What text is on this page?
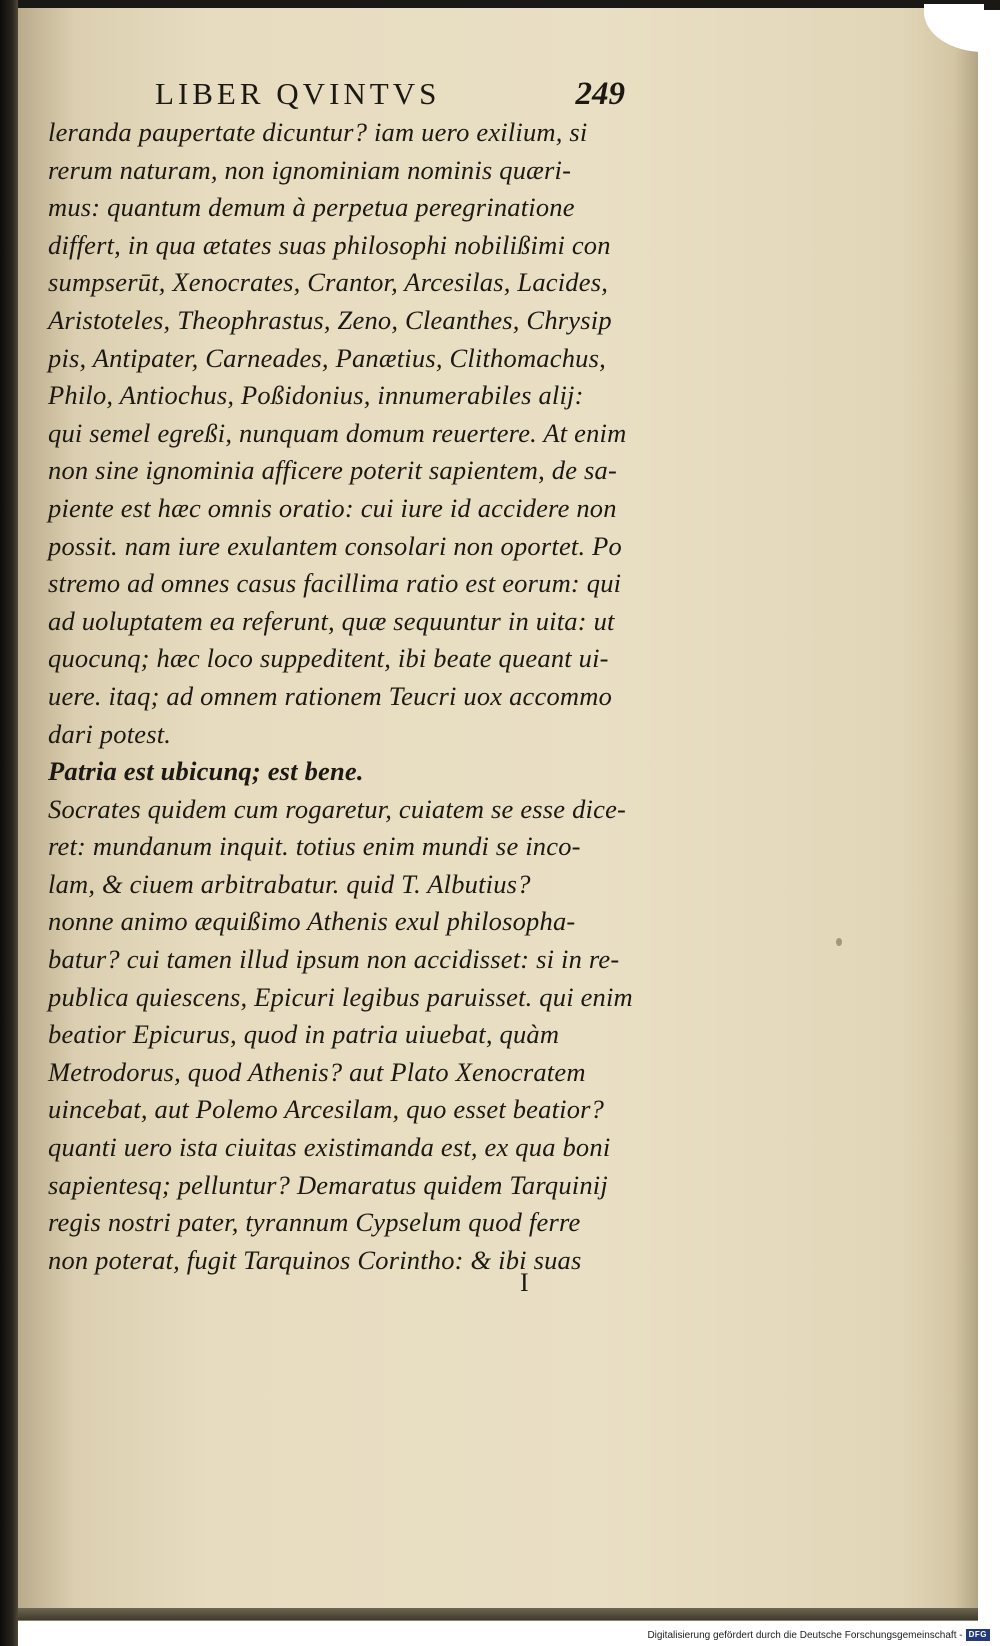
LIBER QVINTVS	249
leranda paupertate dicuntur? iam uero exilium, si
rerum naturam, non ignominiam nominis quæri-
mus: quantum demum à perpetua peregrinatione
differt, in qua ætates suas philosophi nobilißimi con
sumpserūt, Xenocrates, Crantor, Arcesilas, Lacides,
Aristoteles, Theophrastus, Zeno, Cleanthes, Chrysip
pis, Antipater, Carneades, Panætius, Clithomachus,
Philo, Antiochus, Poßidonius, innumerabiles alij:
qui semel egreßi, nunquam domum reuertere. At enim
non sine ignominia afficere poterit sapientem, de sa-
piente est hæc omnis oratio: cui iure id accidere non
possit. nam iure exulantem consolari non oportet. Po
stremo ad omnes casus facillima ratio est eorum: qui
ad uoluptatem ea referunt, quæ sequuntur in uita: ut
quocunq; hæc loco suppeditent, ibi beate queant ui-
uere. itaq; ad omnem rationem Teucri uox accommo
dari potest.
Patria est ubicunq; est bene.
Socrates quidem cum rogaretur, cuiatem se esse dice-
ret: mundanum inquit. totius enim mundi se inco-
lam, & ciuem arbitrabatur. quid T. Albutius?
nonne animo æquißimo Athenis exul philosopha-
batur? cui tamen illud ipsum non accidisset: si in re-
publica quiescens, Epicuri legibus paruisset. qui enim
beatior Epicurus, quod in patria uiuebat, quàm
Metrodorus, quod Athenis? aut Plato Xenocratem
uincebat, aut Polemo Arcesilam, quo esset beatior?
quanti uero ista ciuitas existimanda est, ex qua boni
sapientesq; pelluntur? Demaratus quidem Tarquinij
regis nostri pater, tyrannum Cypselum quod ferre
non poterat, fugit Tarquinos Corintho: & ibi suas
I
Digitalisierung gefördert durch die Deutsche Forschungsgemeinschaft - DFG
